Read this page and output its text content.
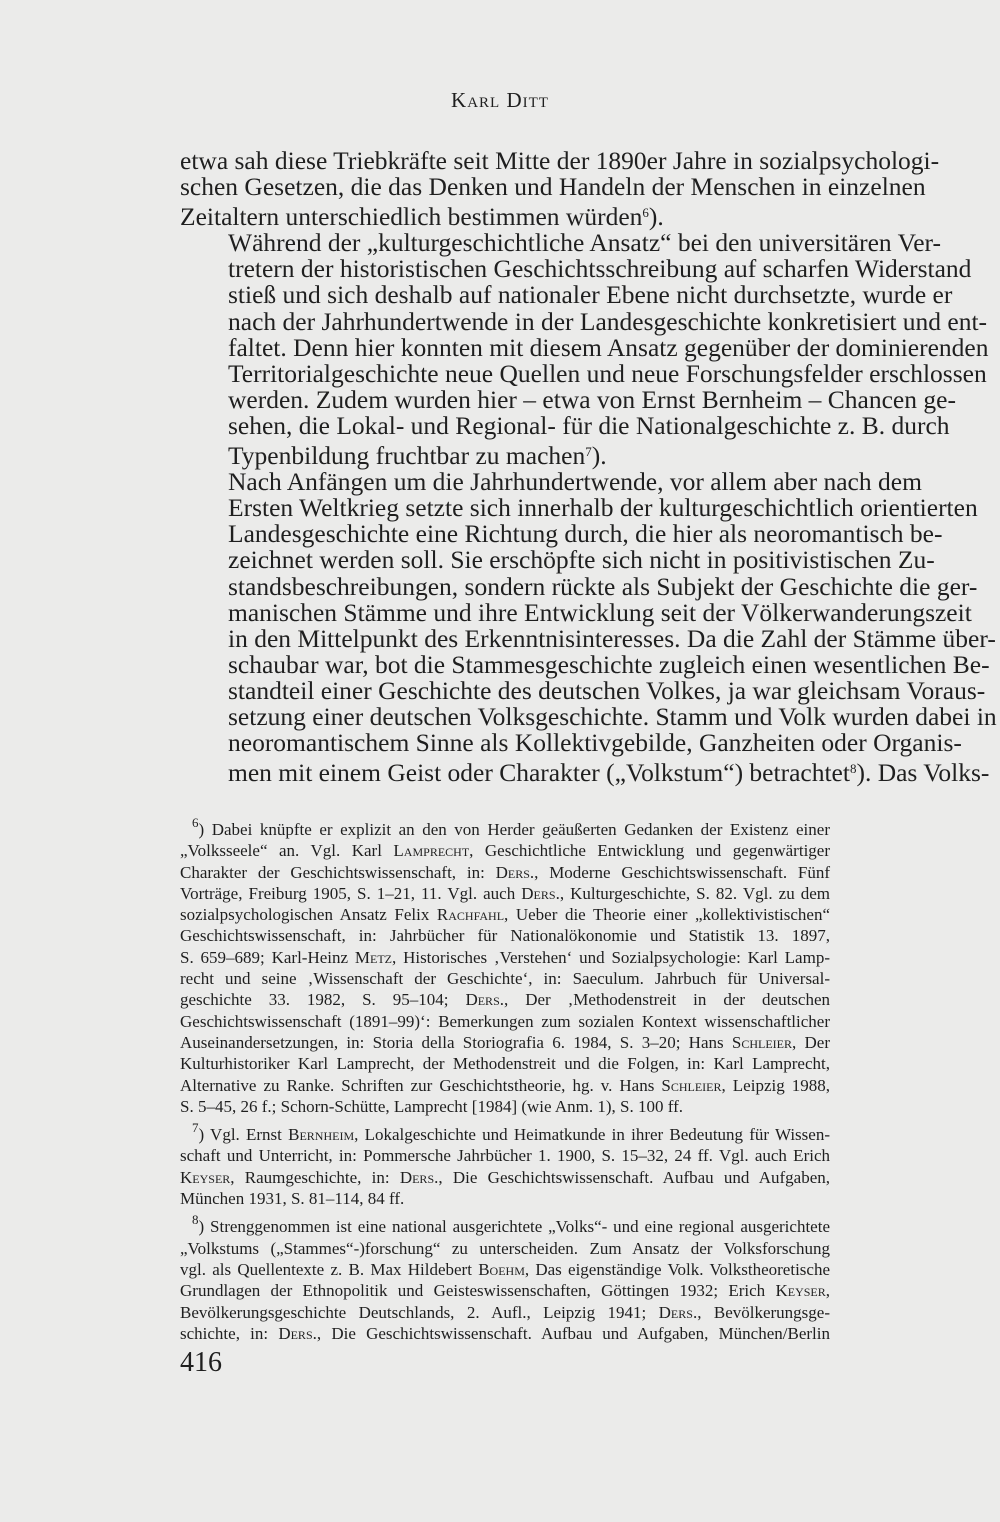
Karl Ditt

etwa sah diese Triebkräfte seit Mitte der 1890er Jahre in sozialpsychologi-
schen Gesetzen, die das Denken und Handeln der Menschen in einzelnen
Zeitaltern unterschiedlich bestimmen würden$^6$).

Während der „kulturgeschichtliche Ansatz“ bei den universitären Ver-
tretern der historistischen Geschichtsschreibung auf scharfen Widerstand
stieß und sich deshalb auf nationaler Ebene nicht durchsetzte, wurde er
nach der Jahrhundertwende in der Landesgeschichte konkretisiert und ent-
faltet. Denn hier konnten mit diesem Ansatz gegenüber der dominierenden
Territorialgeschichte neue Quellen und neue Forschungsfelder erschlossen
werden. Zudem wurden hier – etwa von Ernst Bernheim – Chancen ge-
sehen, die Lokal- und Regional- für die Nationalgeschichte z. B. durch
Typenbildung fruchtbar zu machen$^7$).

Nach Anfängen um die Jahrhundertwende, vor allem aber nach dem
Ersten Weltkrieg setzte sich innerhalb der kulturgeschichtlich orientierten
Landesgeschichte eine Richtung durch, die hier als neoromantisch be-
zeichnet werden soll. Sie erschöpfte sich nicht in positivistischen Zu-
standsbeschreibungen, sondern rückte als Subjekt der Geschichte die ger-
manischen Stämme und ihre Entwicklung seit der Völkerwanderungszeit
in den Mittelpunkt des Erkenntnisinteresses. Da die Zahl der Stämme über-
schaubar war, bot die Stammesgeschichte zugleich einen wesentlichen Be-
standteil einer Geschichte des deutschen Volkes, ja war gleichsam Voraus-
setzung einer deutschen Volksgeschichte. Stamm und Volk wurden dabei in
neoromantischem Sinne als Kollektivgebilde, Ganzheiten oder Organis-
men mit einem Geist oder Charakter („Volkstum“) betrachtet$^8$). Das Volks-

$^6$) Dabei knüpfte er explizit an den von Herder geäußerten Gedanken der Existenz einer
„Volksseele“ an. Vgl. Karl Lamprecht, Geschichtliche Entwicklung und gegenwärtiger
Charakter der Geschichtswissenschaft, in: Ders., Moderne Geschichtswissenschaft. Fünf
Vorträge, Freiburg 1905, S. 1–21, 11. Vgl. auch Ders., Kulturgeschichte, S. 82. Vgl. zu dem
sozialpsychologischen Ansatz Felix Rachfahl, Ueber die Theorie einer „kollektivistischen“
Geschichtswissenschaft, in: Jahrbücher für Nationalökonomie und Statistik 13. 1897,
S. 659–689; Karl-Heinz Metz, Historisches ‚Verstehen‘ und Sozialpsychologie: Karl Lamp-
recht und seine ‚Wissenschaft der Geschichte‘, in: Saeculum. Jahrbuch für Universal-
geschichte 33. 1982, S. 95–104; Ders., Der ‚Methodenstreit in der deutschen
Geschichtswissenschaft (1891–99)‘: Bemerkungen zum sozialen Kontext wissenschaftlicher
Auseinandersetzungen, in: Storia della Storiografia 6. 1984, S. 3–20; Hans Schleier, Der
Kulturhistoriker Karl Lamprecht, der Methodenstreit und die Folgen, in: Karl Lamprecht,
Alternative zu Ranke. Schriften zur Geschichtstheorie, hg. v. Hans Schleier, Leipzig 1988,
S. 5–45, 26 f.; Schorn-Schütte, Lamprecht [1984] (wie Anm. 1), S. 100 ff.
$^7$) Vgl. Ernst Bernheim, Lokalgeschichte und Heimatkunde in ihrer Bedeutung für Wissen-
schaft und Unterricht, in: Pommersche Jahrbücher 1. 1900, S. 15–32, 24 ff. Vgl. auch Erich
Keyser, Raumgeschichte, in: Ders., Die Geschichtswissenschaft. Aufbau und Aufgaben,
München 1931, S. 81–114, 84 ff.
$^8$) Strenggenommen ist eine national ausgerichtete „Volks“- und eine regional ausgerichtete
„Volkstums („Stammes“-)forschung“ zu unterscheiden. Zum Ansatz der Volksforschung
vgl. als Quellentexte z. B. Max Hildebert Boehm, Das eigenständige Volk. Volkstheoretische
Grundlagen der Ethnopolitik und Geisteswissenschaften, Göttingen 1932; Erich Keyser,
Bevölkerungsgeschichte Deutschlands, 2. Aufl., Leipzig 1941; Ders., Bevölkerungsge-
schichte, in: Ders., Die Geschichtswissenschaft. Aufbau und Aufgaben, München/Berlin
416
